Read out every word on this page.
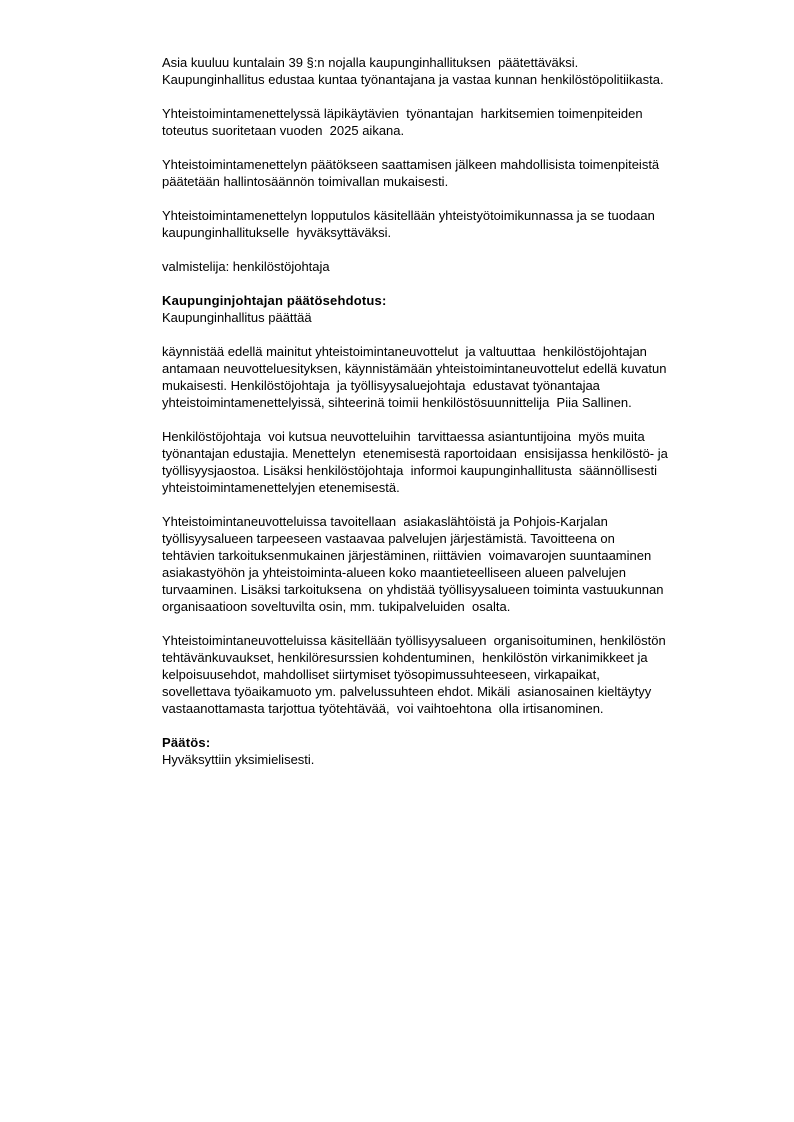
Asia kuuluu kuntalain 39 §:n nojalla kaupunginhallituksen  päätettäväksi.
Kaupunginhallitus edustaa kuntaa työnantajana ja vastaa kunnan henkilöstöpolitiikasta.
Yhteistoimintamenettelyssä läpikäytävien  työnantajan  harkitsemien toimenpiteiden
toteutus suoritetaan vuoden  2025 aikana.
Yhteistoimintamenettelyn päätökseen saattamisen jälkeen mahdollisista toimenpiteistä
päätetään hallintosäännön toimivallan mukaisesti.
Yhteistoimintamenettelyn lopputulos käsitellään yhteistyötoimikunnassa ja se tuodaan
kaupunginhallitukselle  hyväksyttäväksi.
valmistelija: henkilöstöjohtaja
Kaupunginjohtajan päätösehdotus:
Kaupunginhallitus päättää
käynnistää edellä mainitut yhteistoimintaneuvottelut  ja valtuuttaa  henkilöstöjohtajan
antamaan neuvotteluesityksen, käynnistämään yhteistoimintaneuvottelut edellä kuvatun
mukaisesti. Henkilöstöjohtaja  ja työllisyysaluejohtaja  edustavat työnantajaa
yhteistoimintamenettelyissä, sihteerinä toimii henkilöstösuunnittelija  Piia Sallinen.
Henkilöstöjohtaja  voi kutsua neuvotteluihin  tarvittaessa asiantuntijoina  myös muita
työnantajan edustajia. Menettelyn  etenemisestä raportoidaan  ensisijassa henkilöstö- ja
työllisyysjaostoa. Lisäksi henkilöstöjohtaja  informoi kaupunginhallitusta  säännöllisesti
yhteistoimintamenettelyjen etenemisestä.
Yhteistoimintaneuvotteluissa tavoitellaan  asiakaslähtöistä ja Pohjois-Karjalan
työllisyysalueen tarpeeseen vastaavaa palvelujen järjestämistä. Tavoitteena on
tehtävien tarkoituksenmukainen järjestäminen, riittävien  voimavarojen suuntaaminen
asiakastyöhön ja yhteistoiminta-alueen koko maantieteelliseen alueen palvelujen
turvaaminen. Lisäksi tarkoituksena  on yhdistää työllisyysalueen toiminta vastuukunnan
organisaatioon soveltuvilta osin, mm. tukipalveluiden  osalta.
Yhteistoimintaneuvotteluissa käsitellään työllisyysalueen  organisoituminen, henkilöstön
tehtävänkuvaukset, henkilöresurssien kohdentuminen,  henkilöstön virkanimikkeet ja
kelpoisuusehdot, mahdolliset siirtymiset työsopimussuhteeseen, virkapaikat,
sovellettava työaikamuoto ym. palvelussuhteen ehdot. Mikäli  asianosainen kieltäytyy
vastaanottamasta tarjottua työtehtävää,  voi vaihtoehtona  olla irtisanominen.
Päätös:
Hyväksyttiin yksimielisesti.
